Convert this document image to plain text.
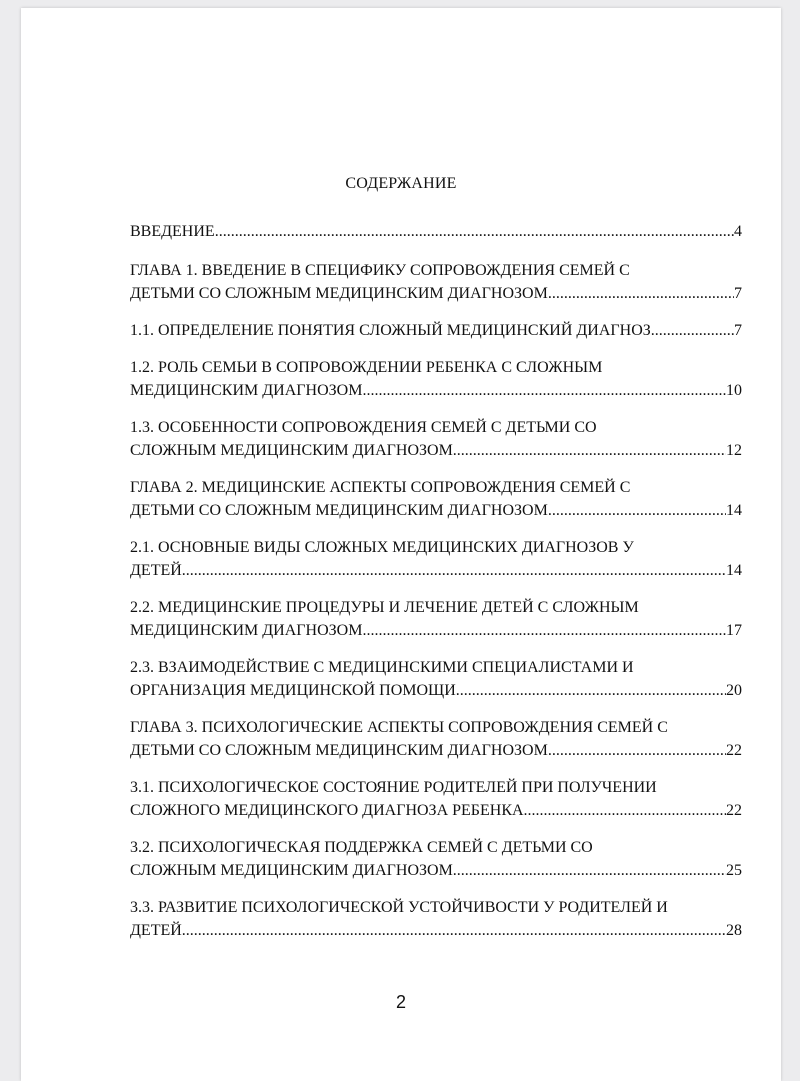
СОДЕРЖАНИЕ
ВВЕДЕНИЕ .....	4
ГЛАВА 1. ВВЕДЕНИЕ В СПЕЦИФИКУ СОПРОВОЖДЕНИЯ СЕМЕЙ С
ДЕТЬМИ СО СЛОЖНЫМ МЕДИЦИНСКИМ ДИАГНОЗОМ .....	7
1.1. ОПРЕДЕЛЕНИЕ ПОНЯТИЯ СЛОЖНЫЙ МЕДИЦИНСКИЙ ДИАГНОЗ .....	7
1.2. РОЛЬ СЕМЬИ В СОПРОВОЖДЕНИИ РЕБЕНКА С СЛОЖНЫМ
МЕДИЦИНСКИМ ДИАГНОЗОМ .....	10
1.3. ОСОБЕННОСТИ СОПРОВОЖДЕНИЯ СЕМЕЙ С ДЕТЬМИ СО
СЛОЖНЫМ МЕДИЦИНСКИМ ДИАГНОЗОМ .....	12
ГЛАВА 2. МЕДИЦИНСКИЕ АСПЕКТЫ СОПРОВОЖДЕНИЯ СЕМЕЙ С
ДЕТЬМИ СО СЛОЖНЫМ МЕДИЦИНСКИМ ДИАГНОЗОМ .....	14
2.1. ОСНОВНЫЕ ВИДЫ СЛОЖНЫХ МЕДИЦИНСКИХ ДИАГНОЗОВ У
ДЕТЕЙ .....	14
2.2. МЕДИЦИНСКИЕ ПРОЦЕДУРЫ И ЛЕЧЕНИЕ ДЕТЕЙ С СЛОЖНЫМ
МЕДИЦИНСКИМ ДИАГНОЗОМ .....	17
2.3. ВЗАИМОДЕЙСТВИЕ С МЕДИЦИНСКИМИ СПЕЦИАЛИСТАМИ И
ОРГАНИЗАЦИЯ МЕДИЦИНСКОЙ ПОМОЩИ .....	20
ГЛАВА 3. ПСИХОЛОГИЧЕСКИЕ АСПЕКТЫ СОПРОВОЖДЕНИЯ СЕМЕЙ С
ДЕТЬМИ СО СЛОЖНЫМ МЕДИЦИНСКИМ ДИАГНОЗОМ .....	22
3.1. ПСИХОЛОГИЧЕСКОЕ СОСТОЯНИЕ РОДИТЕЛЕЙ ПРИ ПОЛУЧЕНИИ
СЛОЖНОГО МЕДИЦИНСКОГО ДИАГНОЗА РЕБЕНКА .....	22
3.2. ПСИХОЛОГИЧЕСКАЯ ПОДДЕРЖКА СЕМЕЙ С ДЕТЬМИ СО
СЛОЖНЫМ МЕДИЦИНСКИМ ДИАГНОЗОМ .....	25
3.3. РАЗВИТИЕ ПСИХОЛОГИЧЕСКОЙ УСТОЙЧИВОСТИ У РОДИТЕЛЕЙ И
ДЕТЕЙ .....	28
2
